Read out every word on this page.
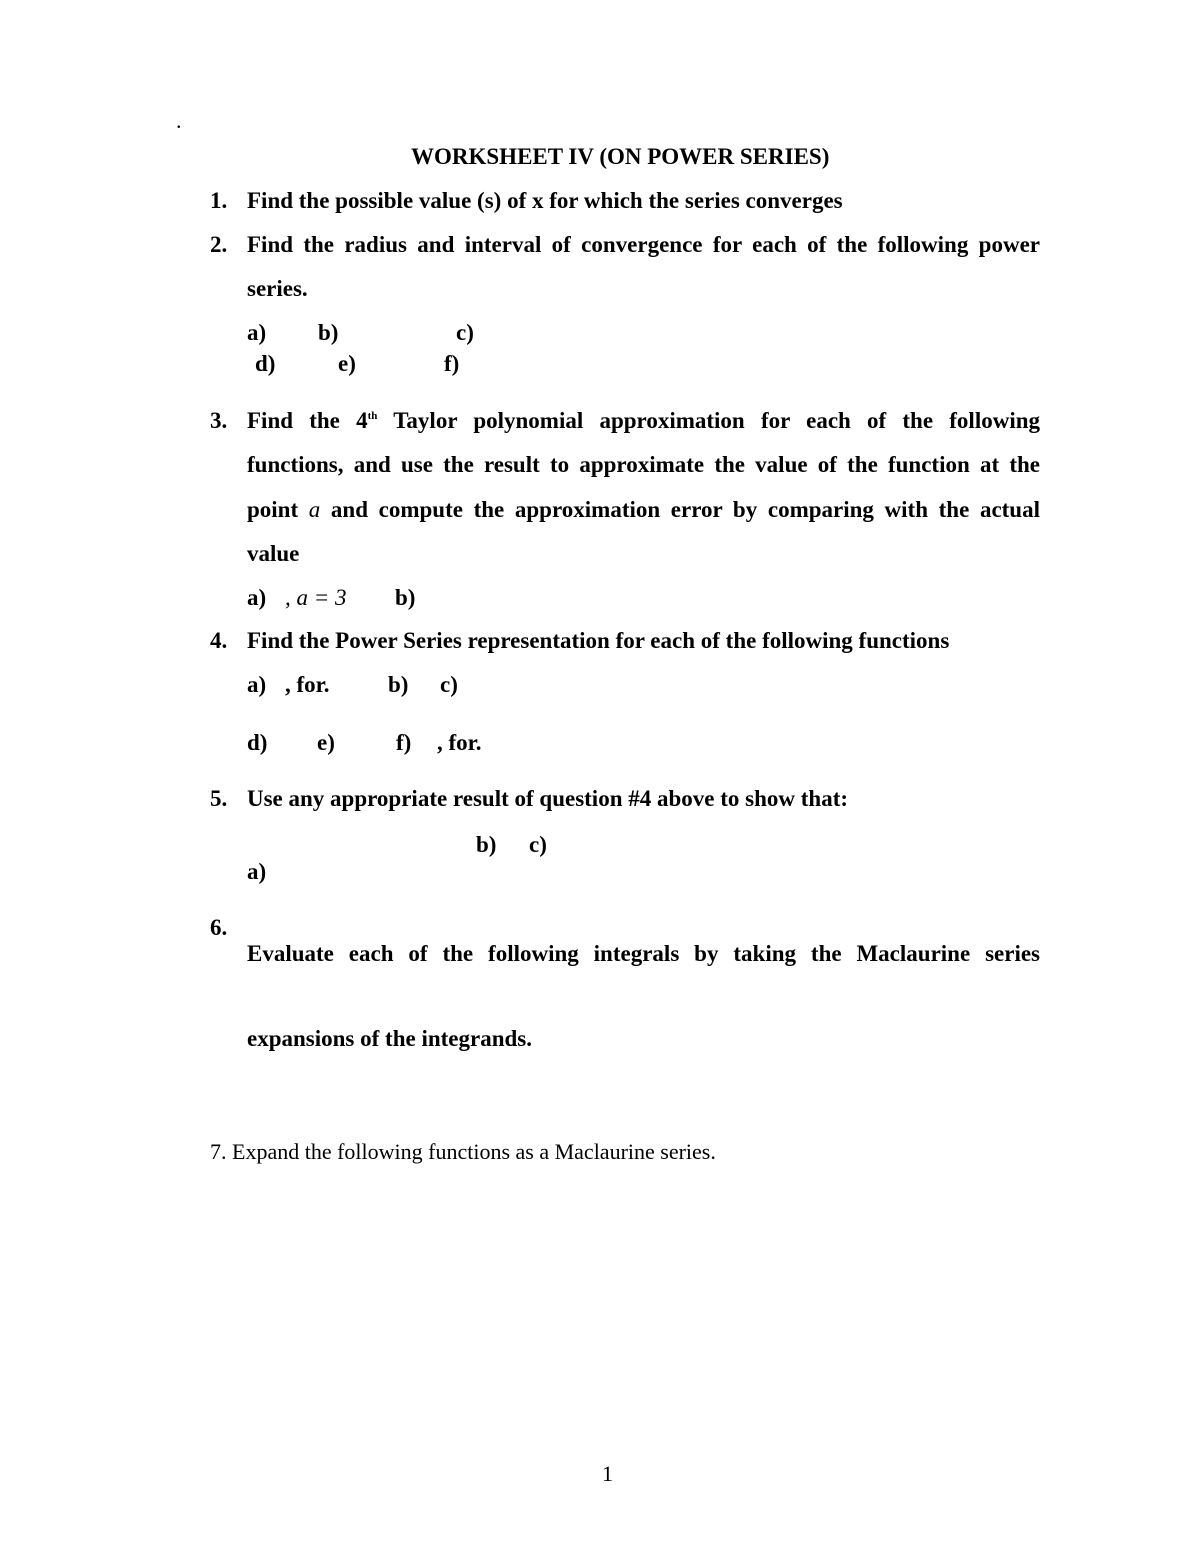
.
WORKSHEET IV (ON POWER SERIES)
1. Find the possible value (s) of x for which the series converges
2. Find the radius and interval of convergence for each of the following power
series.
a) b)	c)
d)	e)	f)
3. Find the 4th Taylor polynomial approximation for each of the following
functions, and use the result to approximate the value of the function at the
point a and compute the approximation error by comparing with the actual
value
a) , a = 3 b)
4. Find the Power Series representation for each of the following functions
a) , for.	b) c)
d) e)	f) , for.
5. Use any appropriate result of question #4 above to show that:
b) c)
a)
6.
Evaluate each of the following integrals by taking the Maclaurine series
expansions of the integrands.
7. Expand the following functions as a Maclaurine series.
1
